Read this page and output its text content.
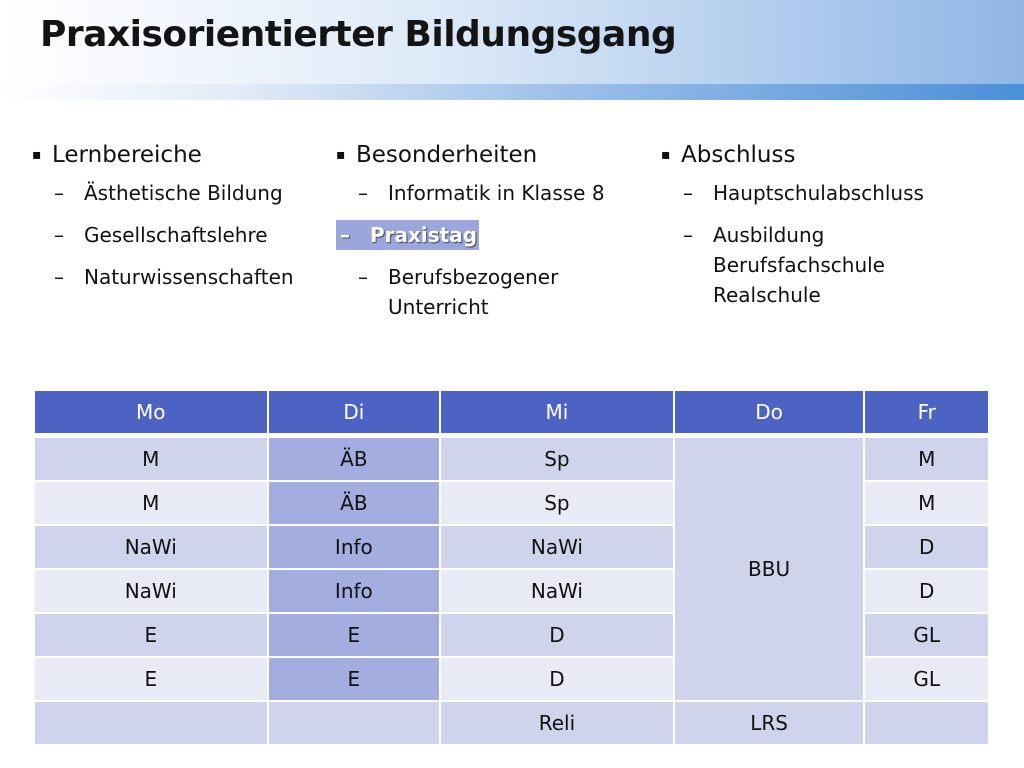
Praxisorientierter Bildungsgang
▪ Lernbereiche
–	Ästhetische Bildung
–	Gesellschaftslehre
–	Naturwissenschaften
▪ Besonderheiten
–	Informatik in Klasse 8
–	Praxistag
–	Berufsbezogener
Unterricht
▪ Abschluss
–	Hauptschulabschluss
–	Ausbildung
Berufsfachschule
Realschule
Mo	Di	Mi	Do	Fr
M	ÄB	Sp	BBU	M
M	ÄB	Sp		M
NaWi	Info	NaWi		D
NaWi	Info	NaWi		D
E	E	D		GL
E	E	D		GL
		Reli	LRS	
